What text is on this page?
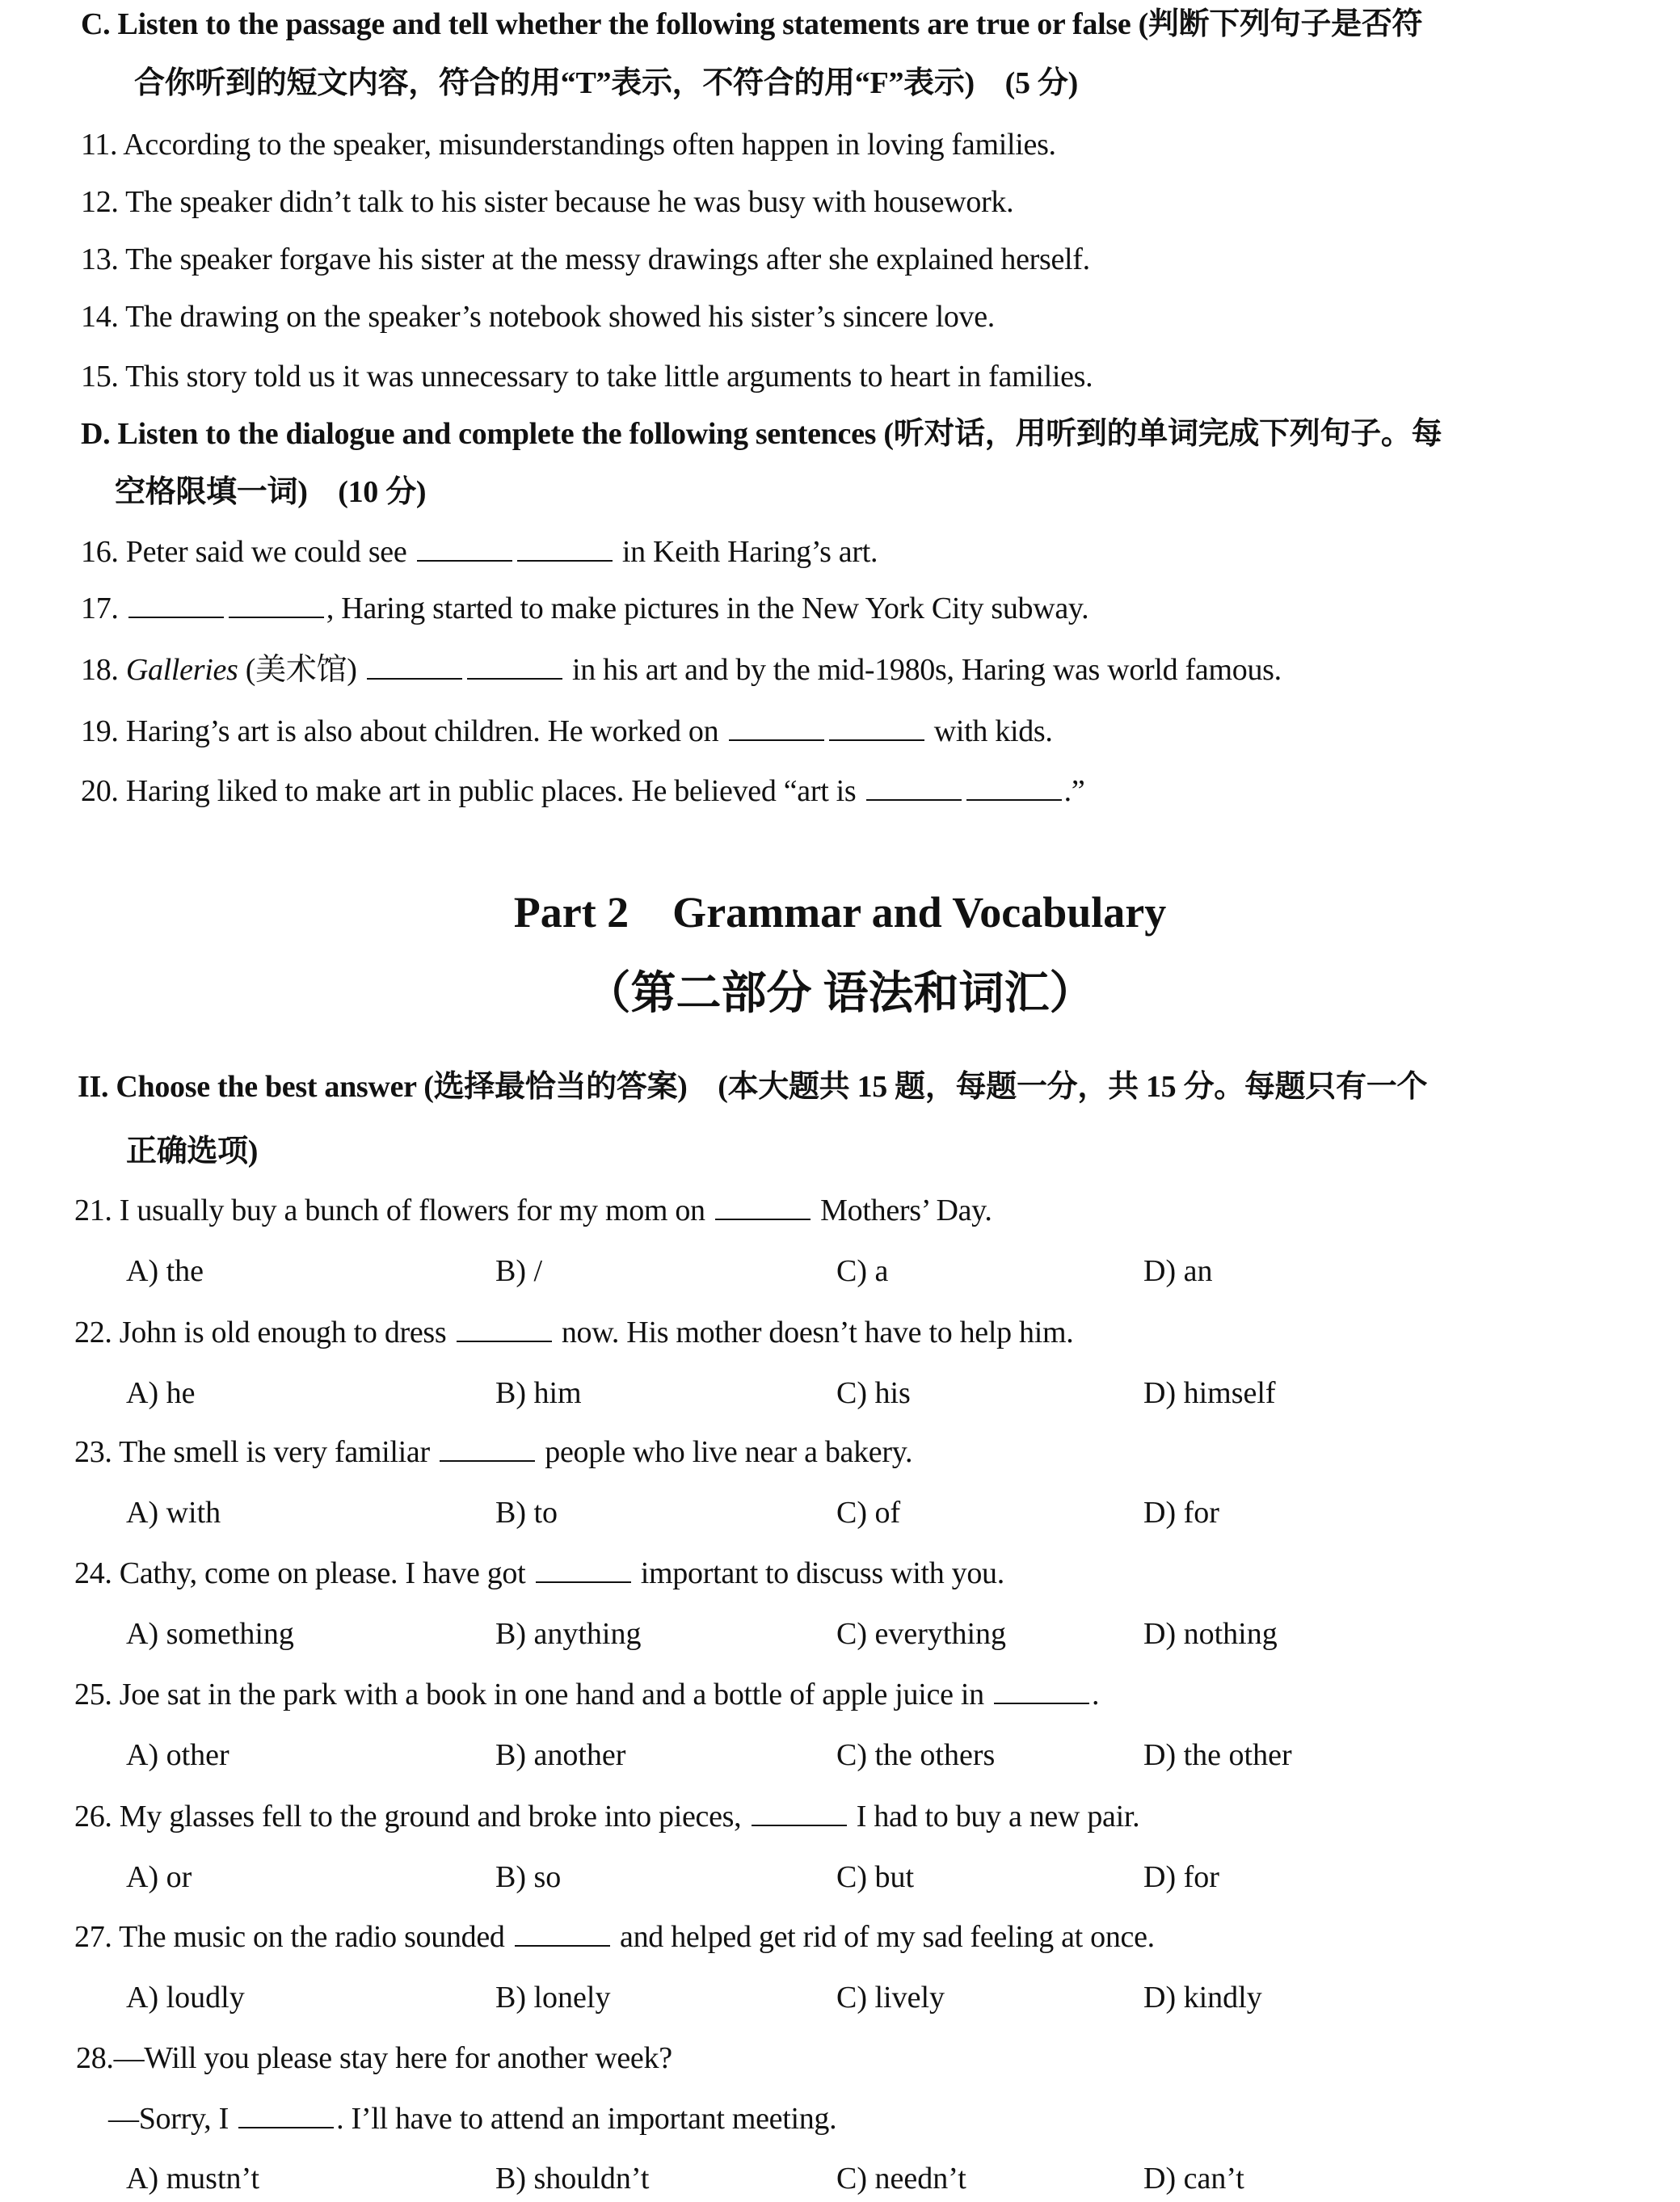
C. Listen to the passage and tell whether the following statements are true or false (判断下列句子是否符
合你听到的短文内容，符合的用“T”表示，不符合的用“F”表示)　(5 分)
11. According to the speaker, misunderstandings often happen in loving families.
12. The speaker didn’t talk to his sister because he was busy with housework.
13. The speaker forgave his sister at the messy drawings after she explained herself.
14. The drawing on the speaker’s notebook showed his sister’s sincere love.
15. This story told us it was unnecessary to take little arguments to heart in families.
D. Listen to the dialogue and complete the following sentences (听对话，用听到的单词完成下列句子。每
空格限填一词)　(10 分)
16. Peter said we could see	in Keith Haring’s art.
17.	, Haring started to make pictures in the New York City subway.
18. Galleries (美术馆)	in his art and by the mid-1980s, Haring was world famous.
19. Haring’s art is also about children. He worked on	with kids.
20. Haring liked to make art in public places. He believed “art is	.”
Part 2　Grammar and Vocabulary
（第二部分 语法和词汇）
II. Choose the best answer (选择最恰当的答案)　(本大题共 15 题，每题一分，共 15 分。每题只有一个
正确选项)
21. I usually buy a bunch of flowers for my mom on	Mothers’ Day.
A) the	B) /	C) a	D) an
22. John is old enough to dress	now. His mother doesn’t have to help him.
A) he	B) him	C) his	D) himself
23. The smell is very familiar	people who live near a bakery.
A) with	B) to	C) of	D) for
24. Cathy, come on please. I have got	important to discuss with you.
A) something	B) anything	C) everything	D) nothing
25. Joe sat in the park with a book in one hand and a bottle of apple juice in	.
A) other	B) another	C) the others	D) the other
26. My glasses fell to the ground and broke into pieces,	I had to buy a new pair.
A) or	B) so	C) but	D) for
27. The music on the radio sounded	and helped get rid of my sad feeling at once.
A) loudly	B) lonely	C) lively	D) kindly
28.—Will you please stay here for another week?
—Sorry, I	. I’ll have to attend an important meeting.
A) mustn’t	B) shouldn’t	C) needn’t	D) can’t
